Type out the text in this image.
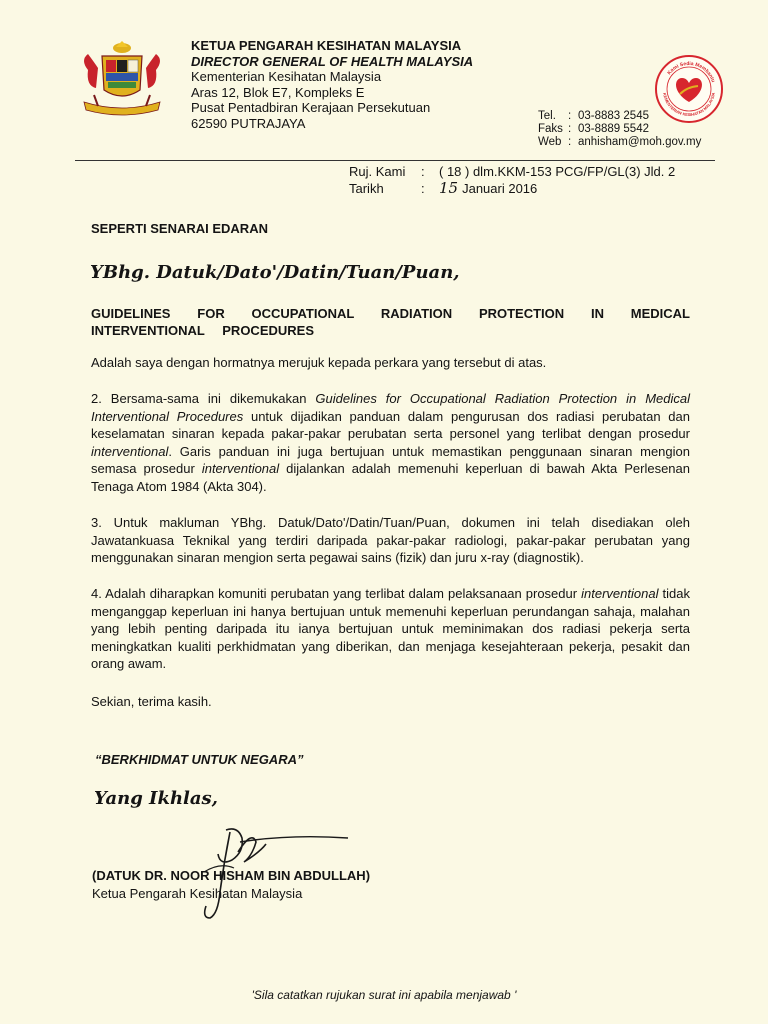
KETUA PENGARAH KESIHATAN MALAYSIA
DIRECTOR GENERAL OF HEALTH MALAYSIA
Kementerian Kesihatan Malaysia
Aras 12, Blok E7, Kompleks E
Pusat Pentadbiran Kerajaan Persekutuan
62590 PUTRAJAYA
Kami Sedia Membantu
KEMENTERIAN KESIHATAN MALAYSIA
Tel. : 03-8883 2545
Faks : 03-8889 5542
Web : anhisham@moh.gov.my
Ruj. Kami : ( 18 ) dlm.KKM-153 PCG/FP/GL(3) Jld. 2
Tarikh	: 15 Januari 2016
SEPERTI SENARAI EDARAN
YBhg. Datuk/Dato'/Datin/Tuan/Puan,
GUIDELINES FOR OCCUPATIONAL RADIATION PROTECTION IN MEDICAL INTERVENTIONAL PROCEDURES
Adalah saya dengan hormatnya merujuk kepada perkara yang tersebut di atas.
2. Bersama-sama ini dikemukakan Guidelines for Occupational Radiation Protection in Medical Interventional Procedures untuk dijadikan panduan dalam pengurusan dos radiasi perubatan dan keselamatan sinaran kepada pakar-pakar perubatan serta personel yang terlibat dengan prosedur interventional. Garis panduan ini juga bertujuan untuk memastikan penggunaan sinaran mengion semasa prosedur interventional dijalankan adalah memenuhi keperluan di bawah Akta Perlesenan Tenaga Atom 1984 (Akta 304).
3. Untuk makluman YBhg. Datuk/Dato'/Datin/Tuan/Puan, dokumen ini telah disediakan oleh Jawatankuasa Teknikal yang terdiri daripada pakar-pakar radiologi, pakar-pakar perubatan yang menggunakan sinaran mengion serta pegawai sains (fizik) dan juru x-ray (diagnostik).
4. Adalah diharapkan komuniti perubatan yang terlibat dalam pelaksanaan prosedur interventional tidak menganggap keperluan ini hanya bertujuan untuk memenuhi keperluan perundangan sahaja, malahan yang lebih penting daripada itu ianya bertujuan untuk meminimakan dos radiasi pekerja serta meningkatkan kualiti perkhidmatan yang diberikan, dan menjaga kesejahteraan pekerja, pesakit dan orang awam.
Sekian, terima kasih.
“BERKHIDMAT UNTUK NEGARA”
Yang Ikhlas,
(DATUK DR. NOOR HISHAM BIN ABDULLAH)
Ketua Pengarah Kesihatan Malaysia
'Sila catatkan rujukan surat ini apabila menjawab '
